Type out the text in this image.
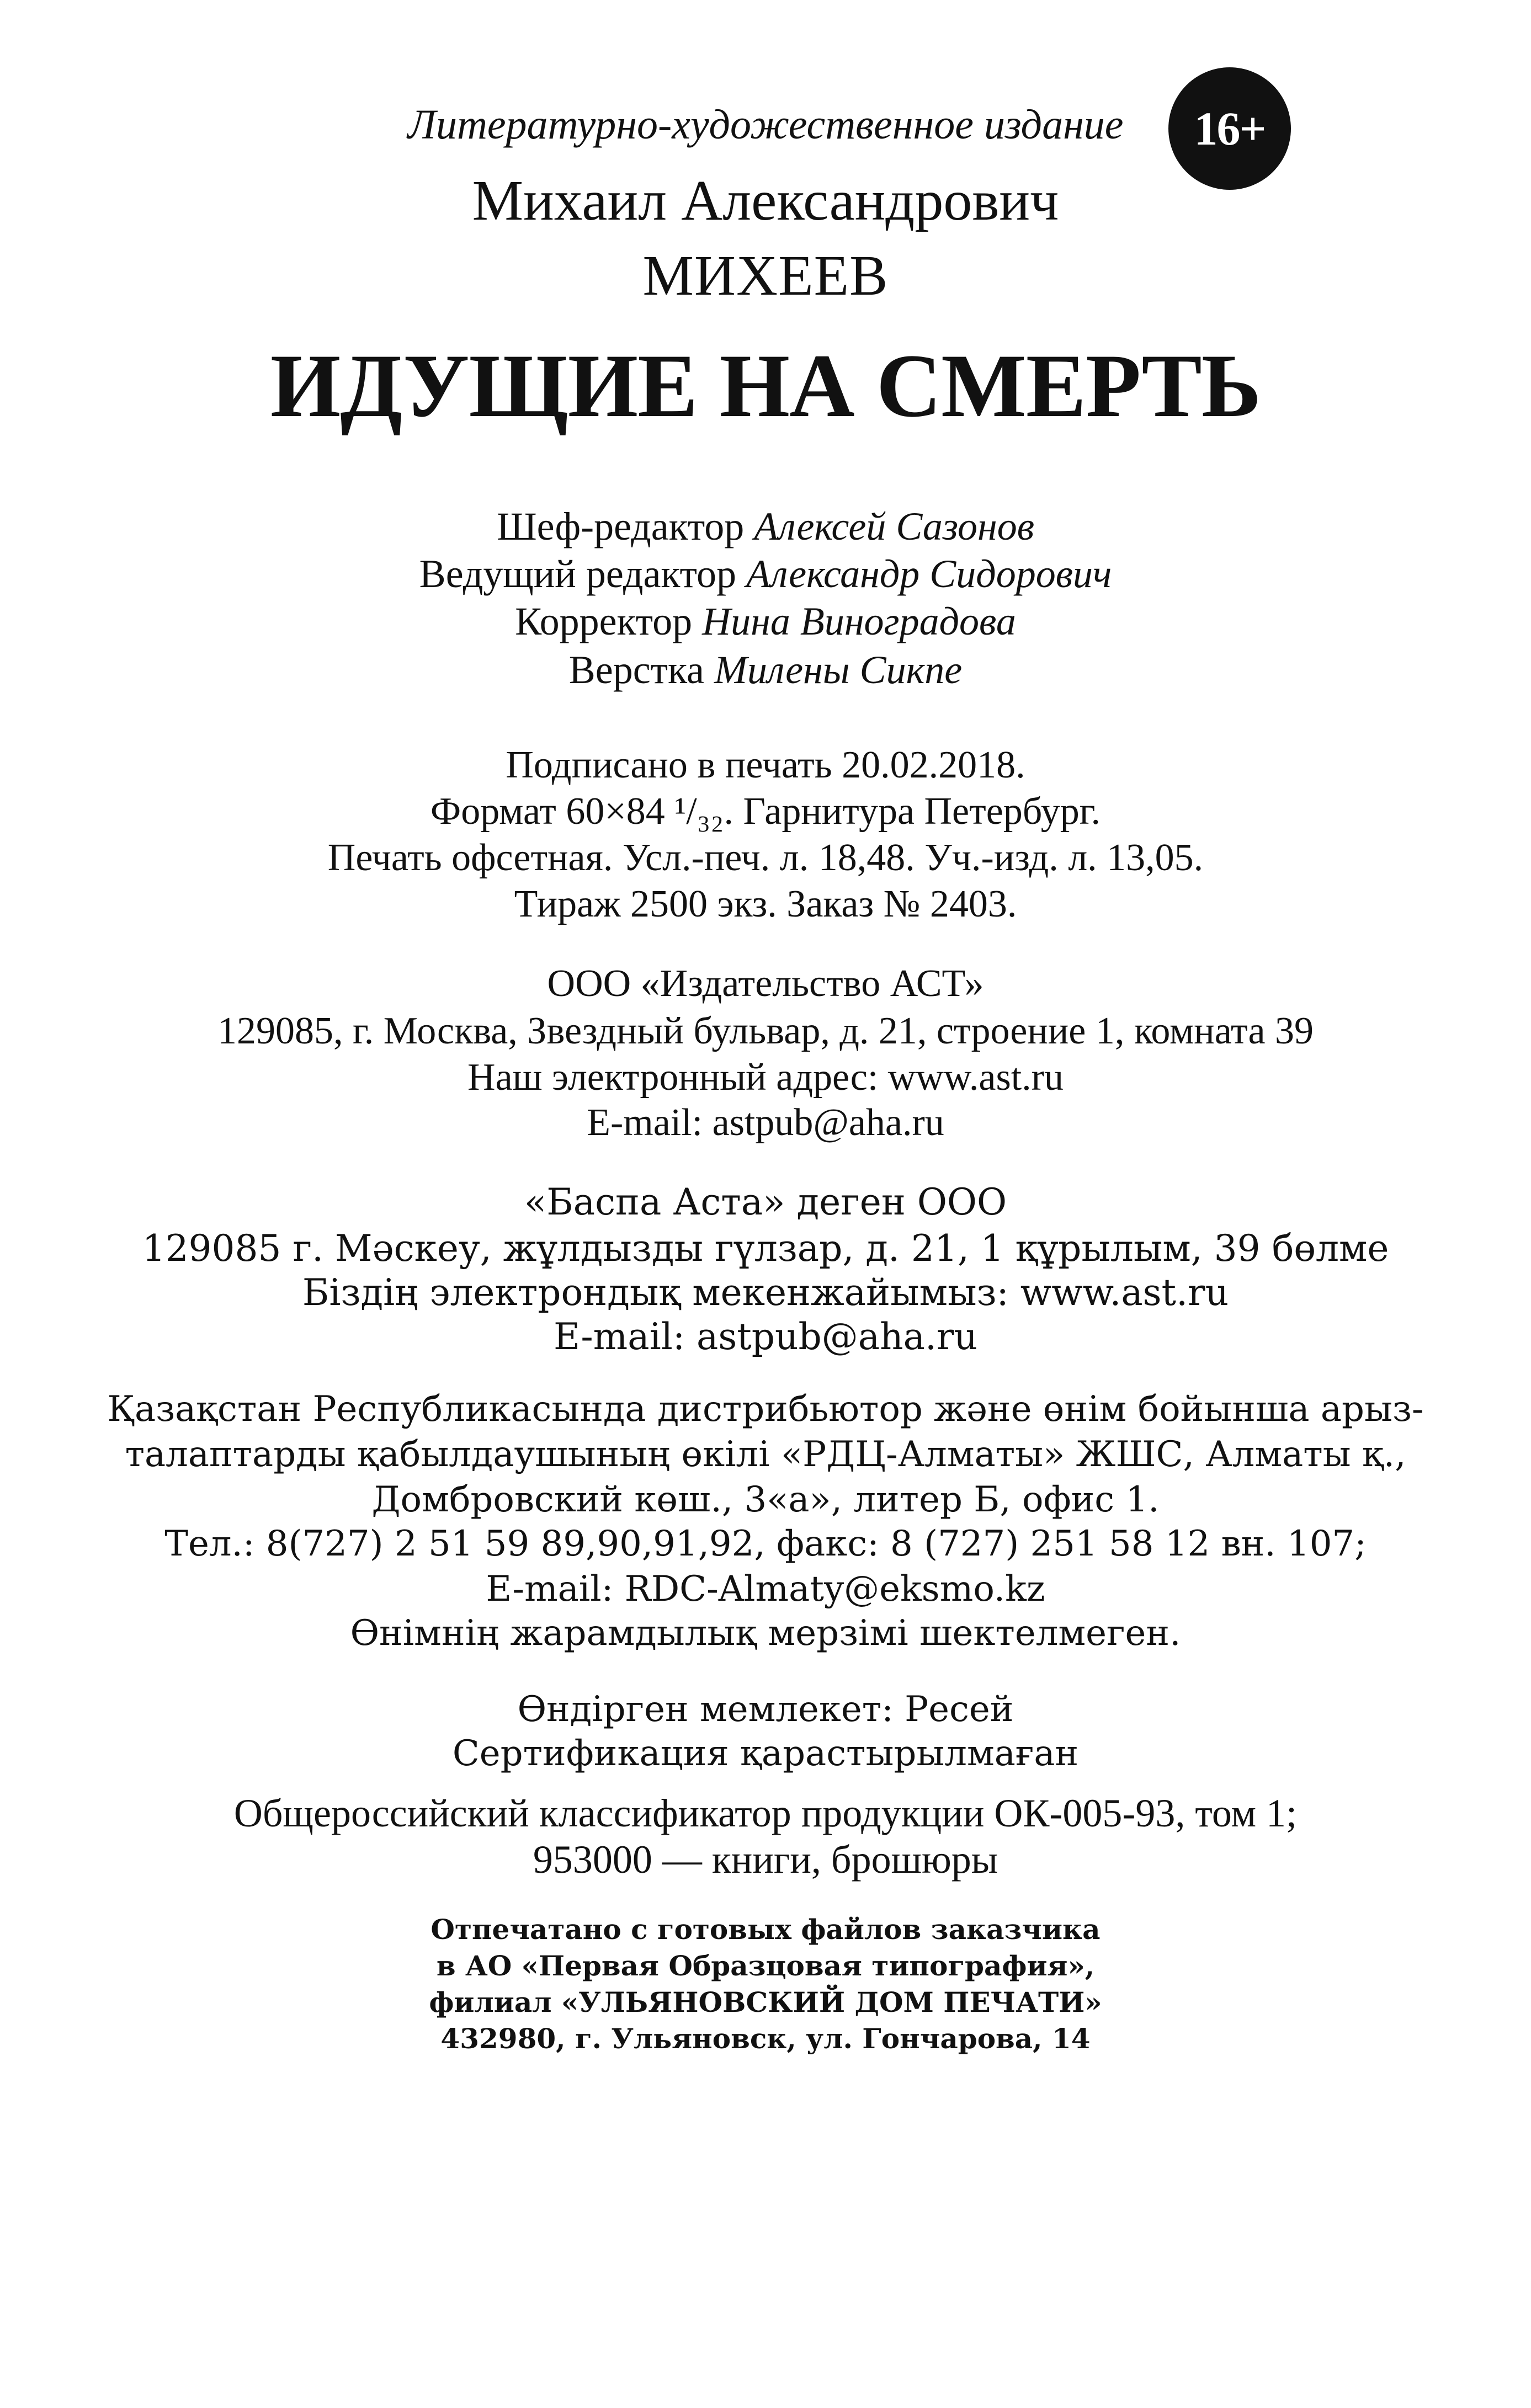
Литературно-художественное издание	16+
Михаил Александрович
МИХЕЕВ
ИДУЩИЕ НА СМЕРТЬ
Шеф-редактор Алексей Сазонов
Ведущий редактор Александр Сидорович
Корректор Нина Виноградова
Верстка Милены Сикпе
Подписано в печать 20.02.2018.
Формат 60×84 ¹/₃₂. Гарнитура Петербург.
Печать офсетная. Усл.-печ. л. 18,48. Уч.-изд. л. 13,05.
Тираж 2500 экз. Заказ № 2403.
ООО «Издательство АСТ»
129085, г. Москва, Звездный бульвар, д. 21, строение 1, комната 39
Наш электронный адрес: www.ast.ru
E-mail: astpub@aha.ru
«Баспа Аста» деген ООО
129085 г. Мәскеу, жұлдызды гүлзар, д. 21, 1 құрылым, 39 бөлме
Біздің электрондық мекенжайымыз: www.ast.ru
E-mail: astpub@aha.ru
Қазақстан Республикасында дистрибьютор және өнім бойынша арыз-
талаптарды қабылдаушының өкілі «РДЦ-Алматы» ЖШС, Алматы қ.,
Домбровский көш., 3«а», литер Б, офис 1.
Тел.: 8(727) 2 51 59 89,90,91,92, факс: 8 (727) 251 58 12 вн. 107;
E-mail: RDC-Almaty@eksmo.kz
Өнімнің жарамдылық мерзімі шектелмеген.
Өндірген мемлекет: Ресей
Сертификация қарастырылмаған
Общероссийский классификатор продукции ОК-005-93, том 1;
953000 — книги, брошюры
Отпечатано с готовых файлов заказчика
в АО «Первая Образцовая типография»,
филиал «УЛЬЯНОВСКИЙ ДОМ ПЕЧАТИ»
432980, г. Ульяновск, ул. Гончарова, 14
